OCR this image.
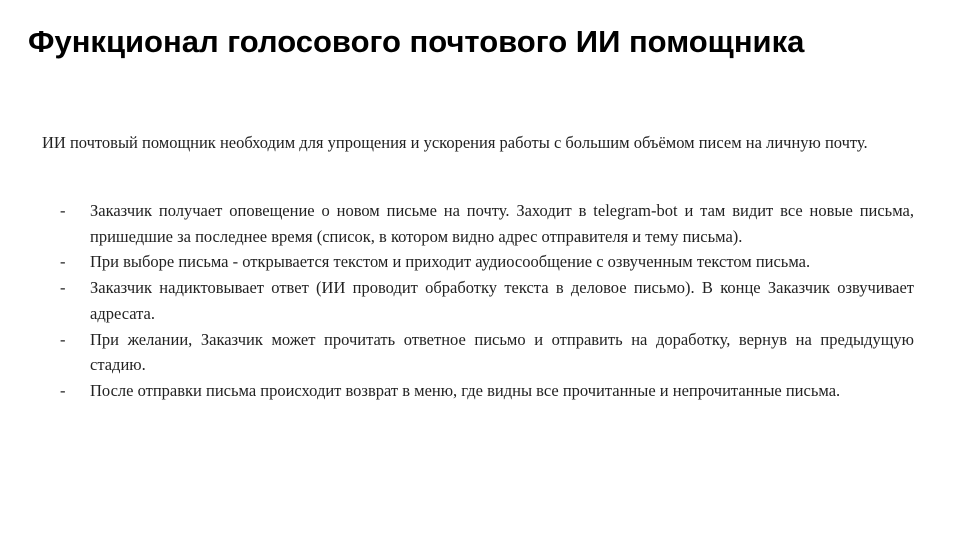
Функционал голосового почтового ИИ помощника

ИИ почтовый помощник необходим для упрощения и ускорения работы с большим объёмом писем на личную почту.

- Заказчик получает оповещение о новом письме на почту. Заходит в telegram-bot и там видит все новые письма, пришедшие за последнее время (список, в котором видно адрес отправителя и тему письма).
- При выборе письма - открывается текстом и приходит аудиосообщение с озвученным текстом письма.
- Заказчик надиктовывает ответ (ИИ проводит обработку текста в деловое письмо). В конце Заказчик озвучивает адресата.
- При желании, Заказчик может прочитать ответное письмо и отправить на доработку, вернув на предыдущую стадию.
- После отправки письма происходит возврат в меню, где видны все прочитанные и непрочитанные письма.
